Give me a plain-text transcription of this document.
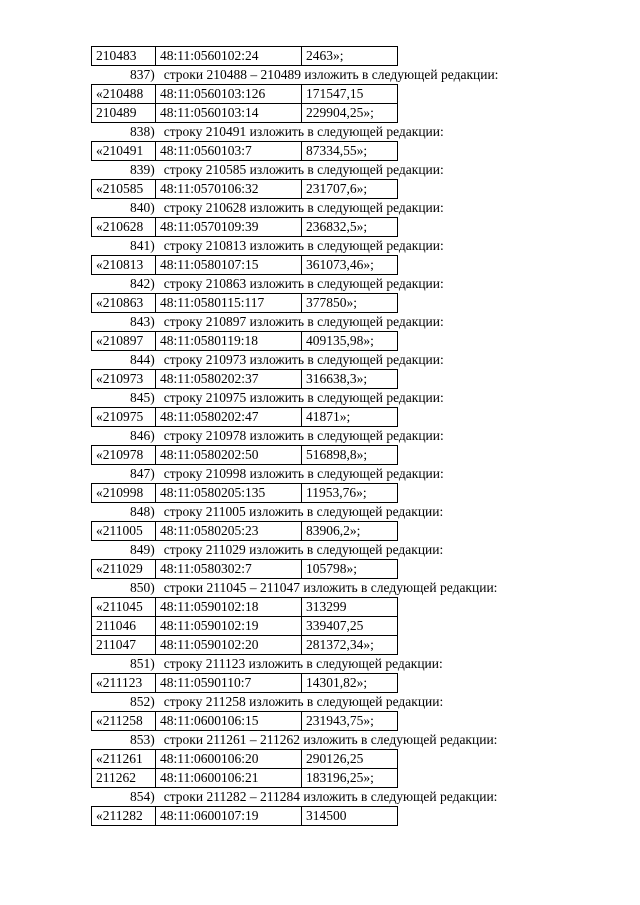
210483	48:11:0560102:24	2463»;
837) строки 210488 – 210489 изложить в следующей редакции:
«210488	48:11:0560103:126	171547,15
210489	48:11:0560103:14	229904,25»;
838) строку 210491 изложить в следующей редакции:
«210491	48:11:0560103:7	87334,55»;
839) строку 210585 изложить в следующей редакции:
«210585	48:11:0570106:32	231707,6»;
840) строку 210628 изложить в следующей редакции:
«210628	48:11:0570109:39	236832,5»;
841) строку 210813 изложить в следующей редакции:
«210813	48:11:0580107:15	361073,46»;
842) строку 210863 изложить в следующей редакции:
«210863	48:11:0580115:117	377850»;
843) строку 210897 изложить в следующей редакции:
«210897	48:11:0580119:18	409135,98»;
844) строку 210973 изложить в следующей редакции:
«210973	48:11:0580202:37	316638,3»;
845) строку 210975 изложить в следующей редакции:
«210975	48:11:0580202:47	41871»;
846) строку 210978 изложить в следующей редакции:
«210978	48:11:0580202:50	516898,8»;
847) строку 210998 изложить в следующей редакции:
«210998	48:11:0580205:135	11953,76»;
848) строку 211005 изложить в следующей редакции:
«211005	48:11:0580205:23	83906,2»;
849) строку 211029 изложить в следующей редакции:
«211029	48:11:0580302:7	105798»;
850) строки 211045 – 211047 изложить в следующей редакции:
«211045	48:11:0590102:18	313299
211046	48:11:0590102:19	339407,25
211047	48:11:0590102:20	281372,34»;
851) строку 211123 изложить в следующей редакции:
«211123	48:11:0590110:7	14301,82»;
852) строку 211258 изложить в следующей редакции:
«211258	48:11:0600106:15	231943,75»;
853) строки 211261 – 211262 изложить в следующей редакции:
«211261	48:11:0600106:20	290126,25
211262	48:11:0600106:21	183196,25»;
854) строки 211282 – 211284 изложить в следующей редакции:
«211282	48:11:0600107:19	314500
